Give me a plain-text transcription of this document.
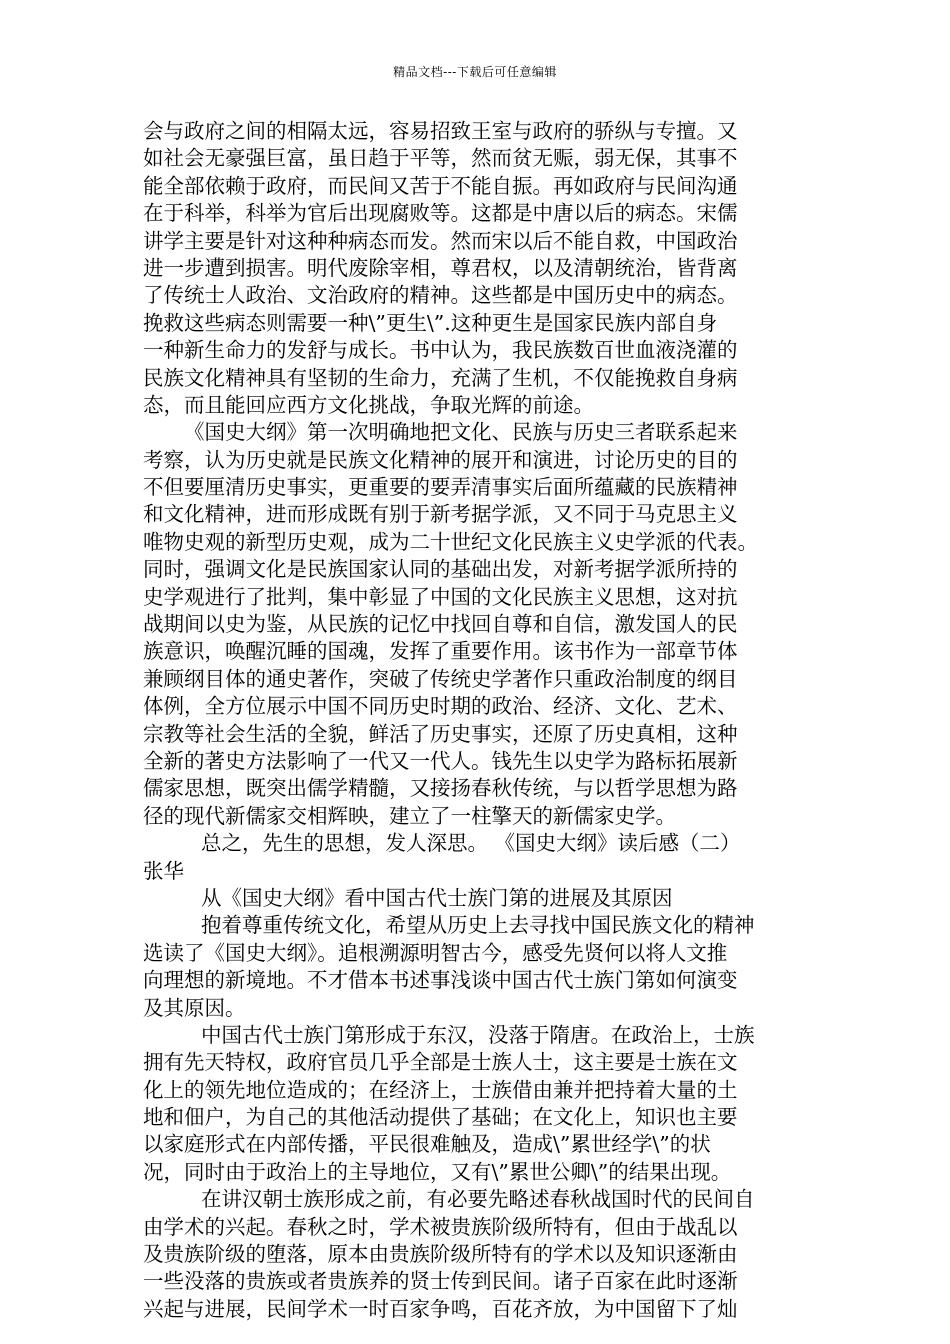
精品文档---下载后可任意编辑
会与政府之间的相隔太远，容易招致王室与政府的骄纵与专擅。又
如社会无豪强巨富，虽日趋于平等，然而贫无赈，弱无保，其事不
能全部依赖于政府，而民间又苦于不能自振。再如政府与民间沟通
在于科举，科举为官后出现腐败等。这都是中唐以后的病态。宋儒
讲学主要是针对这种种病态而发。然而宋以后不能自救，中国政治
进一步遭到损害。明代废除宰相，尊君权，以及清朝统治，皆背离
了传统士人政治、文治政府的精神。这些都是中国历史中的病态。
挽救这些病态则需要一种\”更生\”.这种更生是国家民族内部自身
一种新生命力的发舒与成长。书中认为，我民族数百世血液浇灌的
民族文化精神具有坚韧的生命力，充满了生机，不仅能挽救自身病
态，而且能回应西方文化挑战，争取光辉的前途。
《国史大纲》第一次明确地把文化、民族与历史三者联系起来
考察，认为历史就是民族文化精神的展开和演进，讨论历史的目的
不但要厘清历史事实，更重要的要弄清事实后面所蕴藏的民族精神
和文化精神，进而形成既有别于新考据学派，又不同于马克思主义
唯物史观的新型历史观，成为二十世纪文化民族主义史学派的代表。
同时，强调文化是民族国家认同的基础出发，对新考据学派所持的
史学观进行了批判，集中彰显了中国的文化民族主义思想，这对抗
战期间以史为鉴，从民族的记忆中找回自尊和自信，激发国人的民
族意识，唤醒沉睡的国魂，发挥了重要作用。该书作为一部章节体
兼顾纲目体的通史著作，突破了传统史学著作只重政治制度的纲目
体例，全方位展示中国不同历史时期的政治、经济、文化、艺术、
宗教等社会生活的全貌，鲜活了历史事实，还原了历史真相，这种
全新的著史方法影响了一代又一代人。钱先生以史学为路标拓展新
儒家思想，既突出儒学精髓，又接扬春秋传统，与以哲学思想为路
径的现代新儒家交相辉映，建立了一柱擎天的新儒家史学。
总之，先生的思想，发人深思。 《国史大纲》读后感（二）
张华
从《国史大纲》看中国古代士族门第的进展及其原因
抱着尊重传统文化，希望从历史上去寻找中国民族文化的精神
选读了《国史大纲》。追根溯源明智古今，感受先贤何以将人文推
向理想的新境地。不才借本书述事浅谈中国古代士族门第如何演变
及其原因。
中国古代士族门第形成于东汉，没落于隋唐。在政治上，士族
拥有先天特权，政府官员几乎全部是士族人士，这主要是士族在文
化上的领先地位造成的；在经济上，士族借由兼并把持着大量的土
地和佃户，为自己的其他活动提供了基础；在文化上，知识也主要
以家庭形式在内部传播，平民很难触及，造成\”累世经学\”的状
况，同时由于政治上的主导地位，又有\”累世公卿\”的结果出现。
在讲汉朝士族形成之前，有必要先略述春秋战国时代的民间自
由学术的兴起。春秋之时，学术被贵族阶级所特有，但由于战乱以
及贵族阶级的堕落，原本由贵族阶级所特有的学术以及知识逐渐由
一些没落的贵族或者贵族养的贤士传到民间。诸子百家在此时逐渐
兴起与进展，民间学术一时百家争鸣，百花齐放，为中国留下了灿
